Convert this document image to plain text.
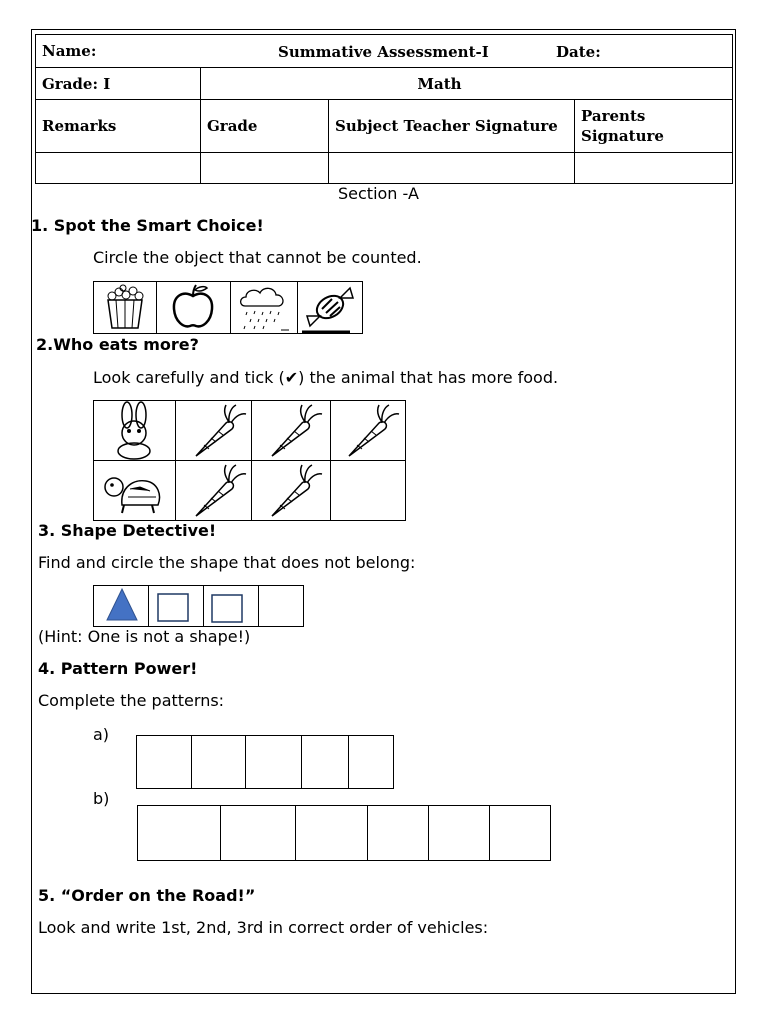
Name: Summative Assessment-I Date:			

Grade: I	Math		
Remarks	Grade	Subject Teacher Signature	Parents
Signature

Section -A
1. Spot the Smart Choice!
Circle the object that cannot be counted.
2.Who eats more?
Look carefully and tick (✔) the animal that has more food.
3. Shape Detective!
Find and circle the shape that does not belong:
(Hint: One is not a shape!)
4. Pattern Power!
Complete the patterns:
a)
b)
5. “Order on the Road!”
Look and write 1st, 2nd, 3rd in correct order of vehicles:
